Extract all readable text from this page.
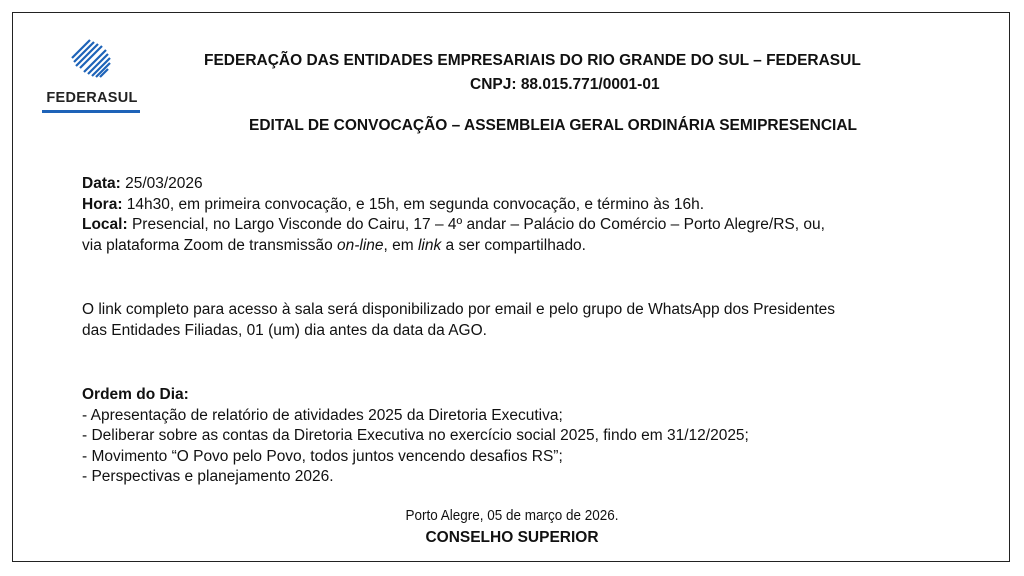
FEDERASUL
FEDERAÇÃO DAS ENTIDADES EMPRESARIAIS DO RIO GRANDE DO SUL – FEDERASUL
CNPJ: 88.015.771/0001-01
EDITAL DE CONVOCAÇÃO – ASSEMBLEIA GERAL ORDINÁRIA SEMIPRESENCIAL
Data: 25/03/2026
Hora: 14h30, em primeira convocação, e 15h, em segunda convocação, e término às 16h.
Local: Presencial, no Largo Visconde do Cairu, 17 – 4º andar – Palácio do Comércio – Porto Alegre/RS, ou,
via plataforma Zoom de transmissão on-line, em link a ser compartilhado.
O link completo para acesso à sala será disponibilizado por email e pelo grupo de WhatsApp dos Presidentes
das Entidades Filiadas, 01 (um) dia antes da data da AGO.
Ordem do Dia:
- Apresentação de relatório de atividades 2025 da Diretoria Executiva;
- Deliberar sobre as contas da Diretoria Executiva no exercício social 2025, findo em 31/12/2025;
- Movimento “O Povo pelo Povo, todos juntos vencendo desafios RS”;
- Perspectivas e planejamento 2026.
Porto Alegre, 05 de março de 2026.
CONSELHO SUPERIOR
